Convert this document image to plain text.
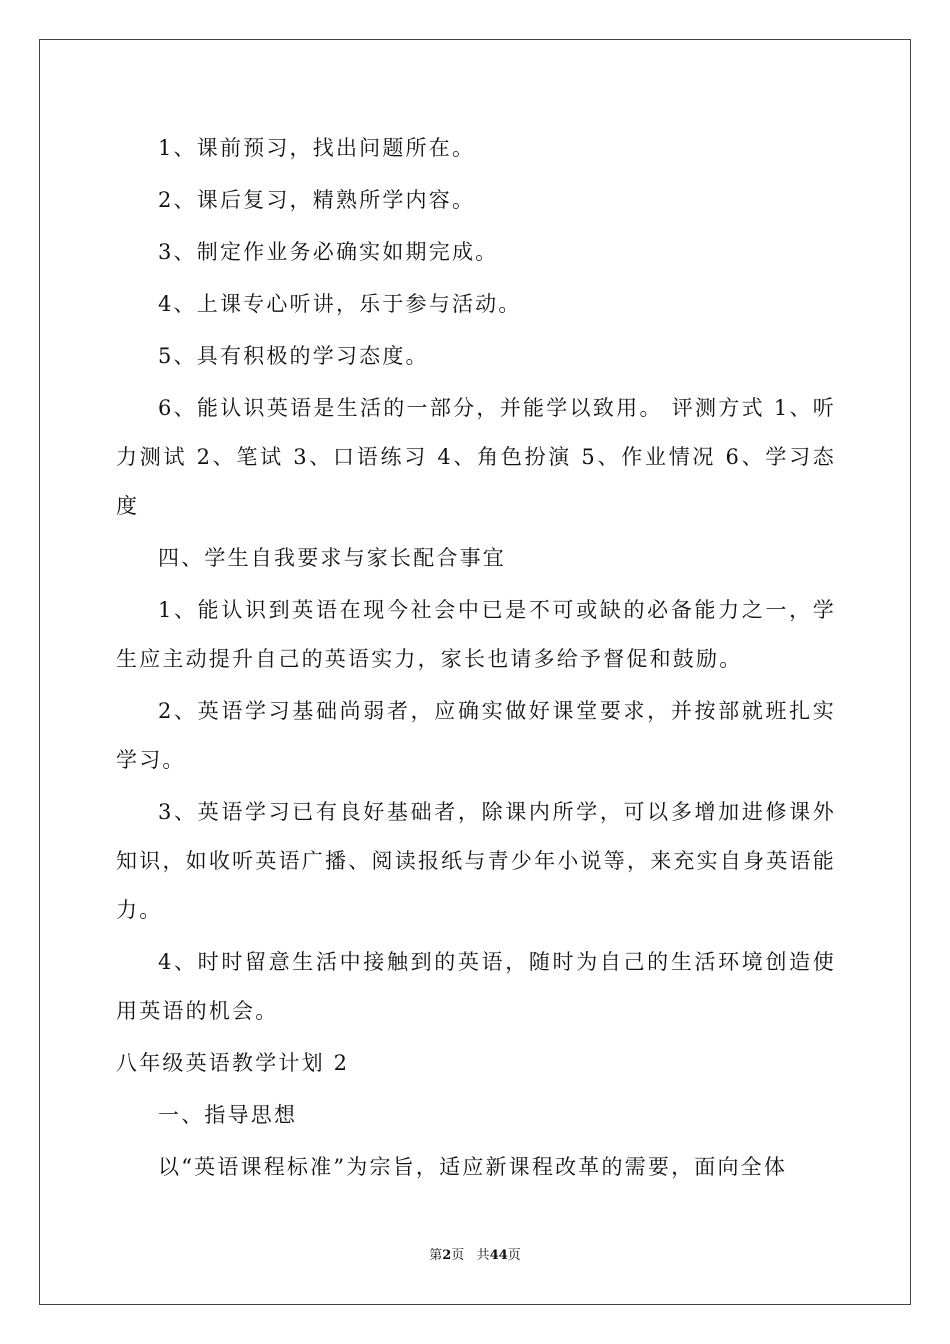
1、课前预习，找出问题所在。

2、课后复习，精熟所学内容。

3、制定作业务必确实如期完成。

4、上课专心听讲，乐于参与活动。

5、具有积极的学习态度。

6、能认识英语是生活的一部分，并能学以致用。 评测方式 1、听力测试 2、笔试 3、口语练习 4、角色扮演 5、作业情况 6、学习态度

四、学生自我要求与家长配合事宜

1、能认识到英语在现今社会中已是不可或缺的必备能力之一，学生应主动提升自己的英语实力，家长也请多给予督促和鼓励。

2、英语学习基础尚弱者，应确实做好课堂要求，并按部就班扎实学习。

3、英语学习已有良好基础者，除课内所学，可以多增加进修课外知识，如收听英语广播、阅读报纸与青少年小说等，来充实自身英语能力。

4、时时留意生活中接触到的英语，随时为自己的生活环境创造使用英语的机会。

八年级英语教学计划 2

一、指导思想

以“英语课程标准”为宗旨，适应新课程改革的需要，面向全体

第2页 共44页
